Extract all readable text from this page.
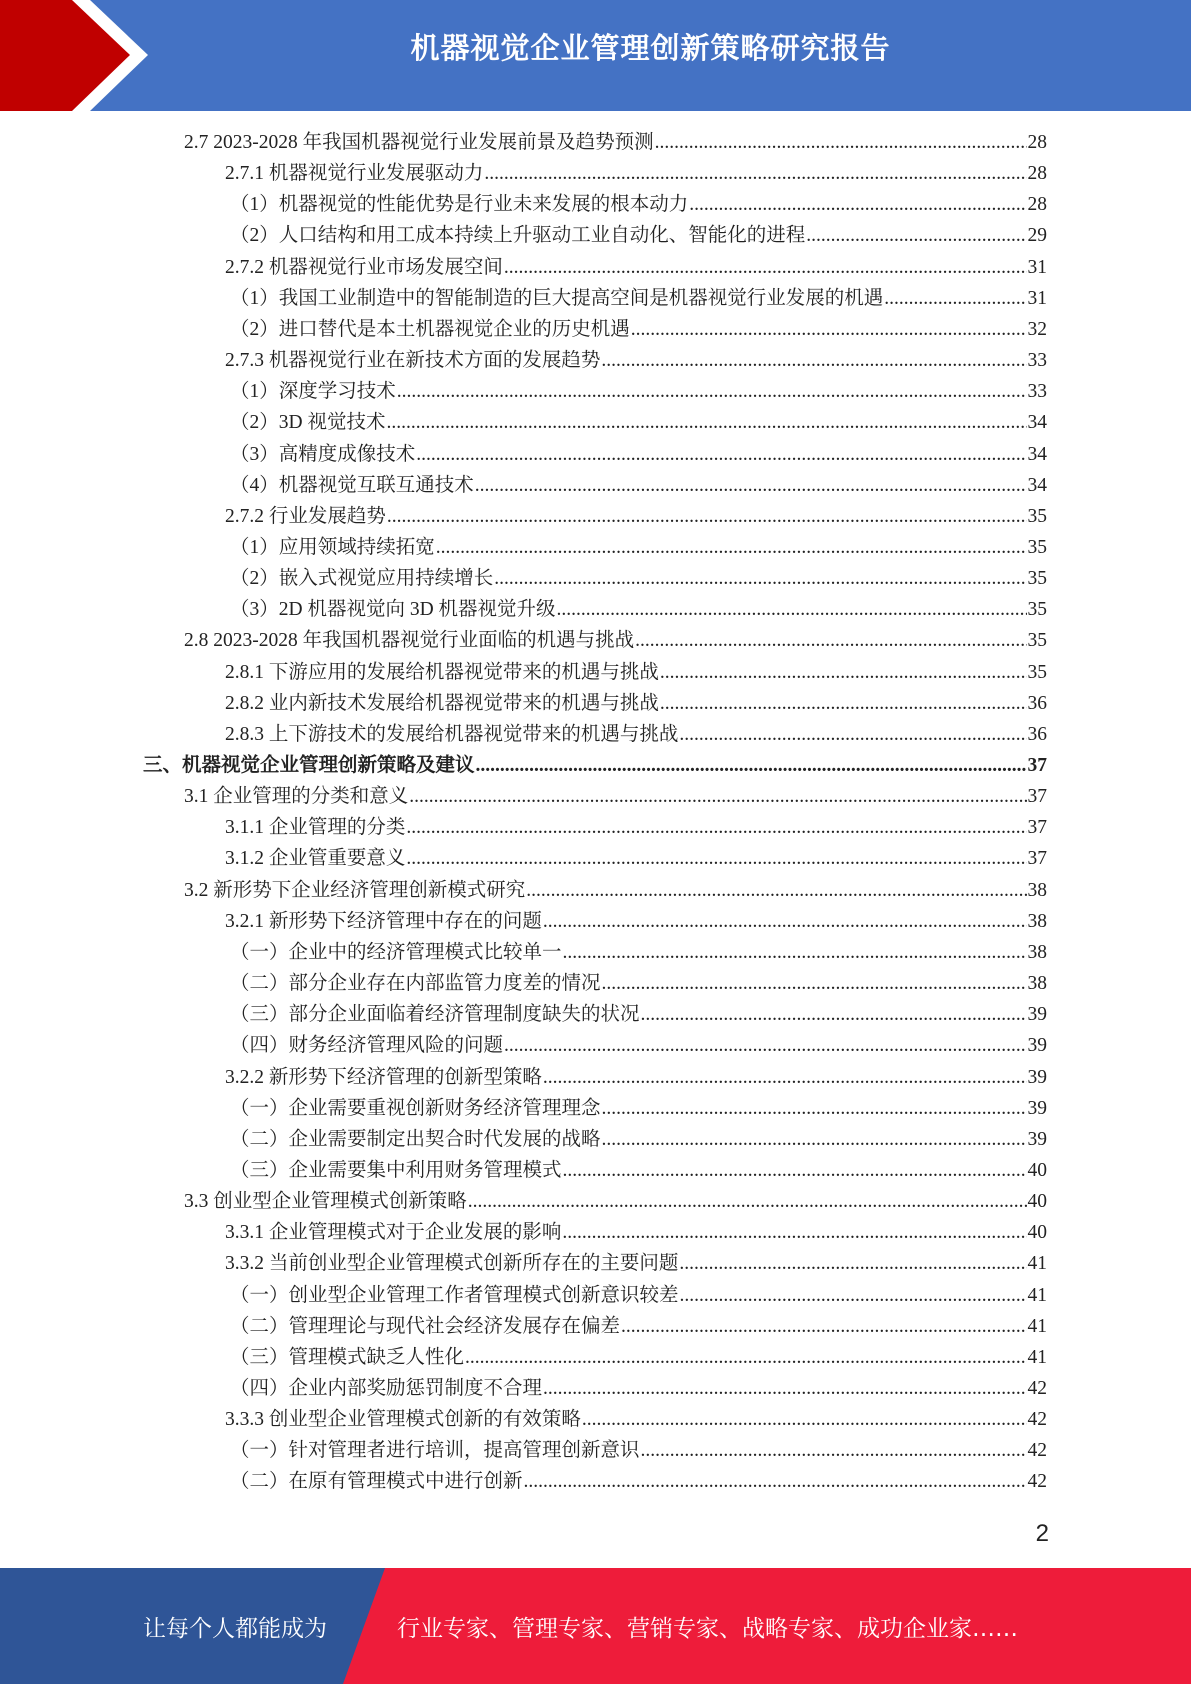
机器视觉企业管理创新策略研究报告
2.7 2023-2028 年我国机器视觉行业发展前景及趋势预测 .....	28
2.7.1 机器视觉行业发展驱动力 .....	28
（1）机器视觉的性能优势是行业未来发展的根本动力 .....	28
（2）人口结构和用工成本持续上升驱动工业自动化、智能化的进程 .....	29
2.7.2 机器视觉行业市场发展空间 .....	31
（1）我国工业制造中的智能制造的巨大提高空间是机器视觉行业发展的机遇 .....	31
（2）进口替代是本土机器视觉企业的历史机遇 .....	32
2.7.3 机器视觉行业在新技术方面的发展趋势 .....	33
（1）深度学习技术 .....	33
（2）3D 视觉技术 .....	34
（3）高精度成像技术 .....	34
（4）机器视觉互联互通技术 .....	34
2.7.2 行业发展趋势 .....	35
（1）应用领域持续拓宽 .....	35
（2）嵌入式视觉应用持续增长 .....	35
（3）2D 机器视觉向 3D 机器视觉升级 .....	35
2.8 2023-2028 年我国机器视觉行业面临的机遇与挑战 .....	35
2.8.1 下游应用的发展给机器视觉带来的机遇与挑战 .....	35
2.8.2 业内新技术发展给机器视觉带来的机遇与挑战 .....	36
2.8.3 上下游技术的发展给机器视觉带来的机遇与挑战 .....	36
三、机器视觉企业管理创新策略及建议 .....	37
3.1 企业管理的分类和意义 .....	37
3.1.1 企业管理的分类 .....	37
3.1.2 企业管重要意义 .....	37
3.2 新形势下企业经济管理创新模式研究 .....	38
3.2.1 新形势下经济管理中存在的问题 .....	38
（一）企业中的经济管理模式比较单一 .....	38
（二）部分企业存在内部监管力度差的情况 .....	38
（三）部分企业面临着经济管理制度缺失的状况 .....	39
（四）财务经济管理风险的问题 .....	39
3.2.2 新形势下经济管理的创新型策略 .....	39
（一）企业需要重视创新财务经济管理理念 .....	39
（二）企业需要制定出契合时代发展的战略 .....	39
（三）企业需要集中利用财务管理模式 .....	40
3.3 创业型企业管理模式创新策略 .....	40
3.3.1 企业管理模式对于企业发展的影响 .....	40
3.3.2 当前创业型企业管理模式创新所存在的主要问题 .....	41
（一）创业型企业管理工作者管理模式创新意识较差 .....	41
（二）管理理论与现代社会经济发展存在偏差 .....	41
（三）管理模式缺乏人性化 .....	41
（四）企业内部奖励惩罚制度不合理 .....	42
3.3.3 创业型企业管理模式创新的有效策略 .....	42
（一）针对管理者进行培训，提高管理创新意识 .....	42
（二）在原有管理模式中进行创新 .....	42
2
让每个人都能成为	行业专家、管理专家、营销专家、战略专家、成功企业家……
